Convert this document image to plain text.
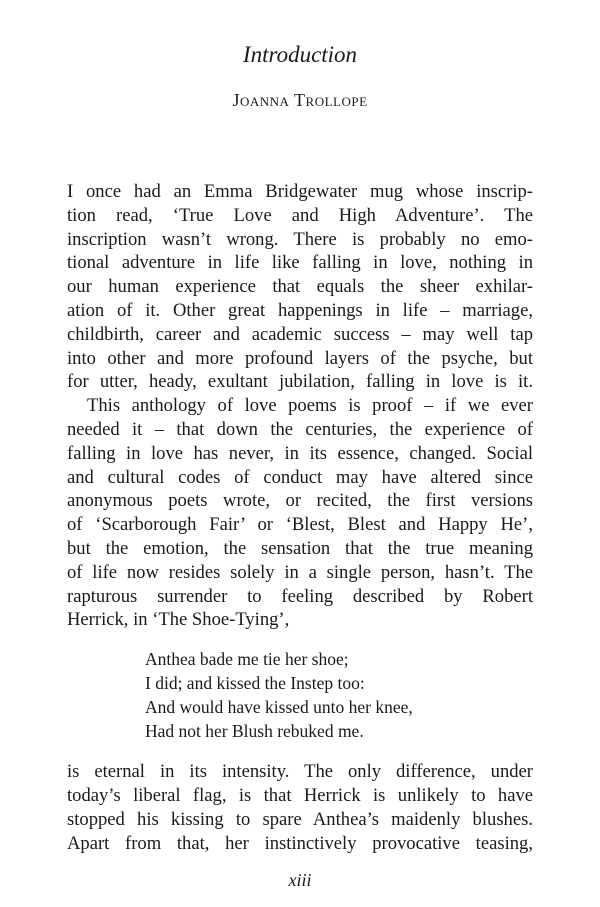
Introduction
Joanna Trollope

I once had an Emma Bridgewater mug whose inscrip-
tion read, ‘True Love and High Adventure’. The
inscription wasn’t wrong. There is probably no emo-
tional adventure in life like falling in love, nothing in
our human experience that equals the sheer exhilar-
ation of it. Other great happenings in life – marriage,
childbirth, career and academic success – may well tap
into other and more profound layers of the psyche, but
for utter, heady, exultant jubilation, falling in love is it.

This anthology of love poems is proof – if we ever
needed it – that down the centuries, the experience of
falling in love has never, in its essence, changed. Social
and cultural codes of conduct may have altered since
anonymous poets wrote, or recited, the first versions
of ‘Scarborough Fair’ or ‘Blest, Blest and Happy He’,
but the emotion, the sensation that the true meaning
of life now resides solely in a single person, hasn’t. The
rapturous surrender to feeling described by Robert
Herrick, in ‘The Shoe-Tying’,

Anthea bade me tie her shoe;
I did; and kissed the Instep too:
And would have kissed unto her knee,
Had not her Blush rebuked me.

is eternal in its intensity. The only difference, under
today’s liberal flag, is that Herrick is unlikely to have
stopped his kissing to spare Anthea’s maidenly blushes.
Apart from that, her instinctively provocative teasing,

xiii
